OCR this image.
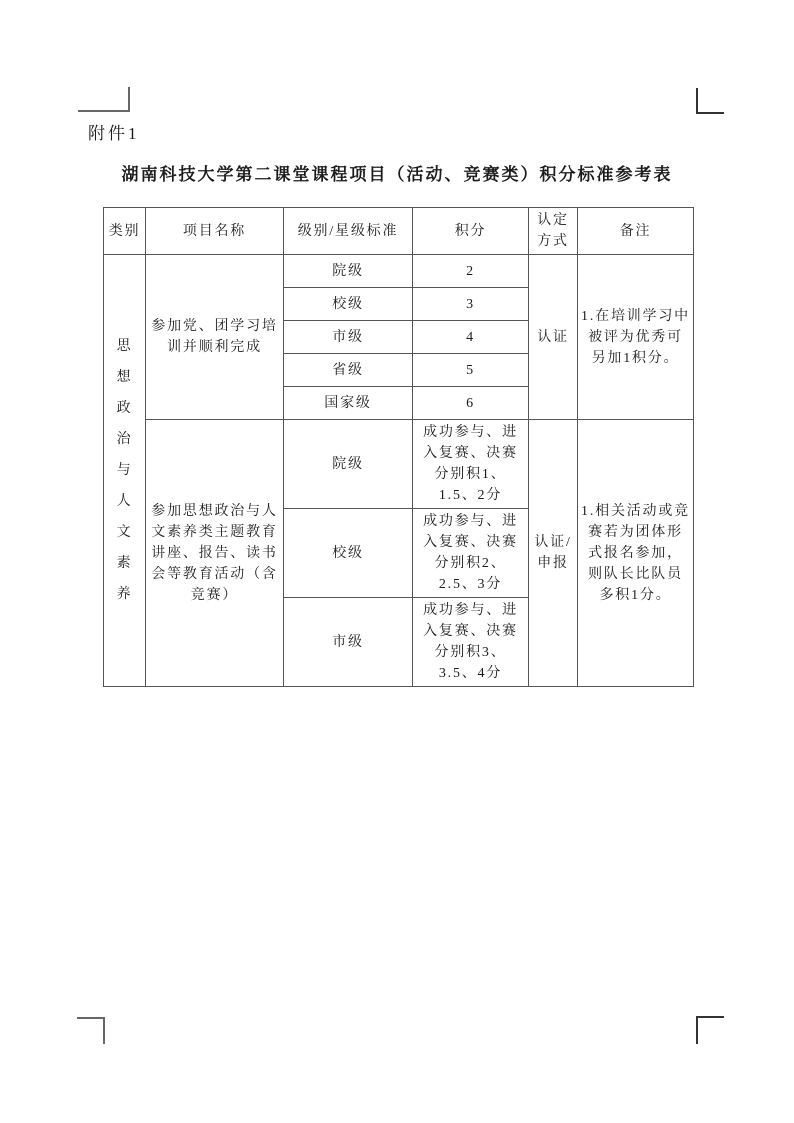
附件1
湖南科技大学第二课堂课程项目（活动、竞赛类）积分标准参考表
类别	项目名称	级别/星级标准	积分	认定方式	备注

思想政治与人文素养	参加党、团学习培训并顺利完成	院级	2	认证	1.在培训学习中被评为优秀可另加1积分。
		校级	3		
		市级	4		
		省级	5		
		国家级	6		
	参加思想政治与人文素养类主题教育讲座、报告、读书会等教育活动（含竞赛）	院级	成功参与、进入复赛、决赛分别积1、1.5、2分	认证/申报	1.相关活动或竞赛若为团体形式报名参加，则队长比队员多积1分。
		校级	成功参与、进入复赛、决赛分别积2、2.5、3分		
		市级	成功参与、进入复赛、决赛分别积3、3.5、4分		
